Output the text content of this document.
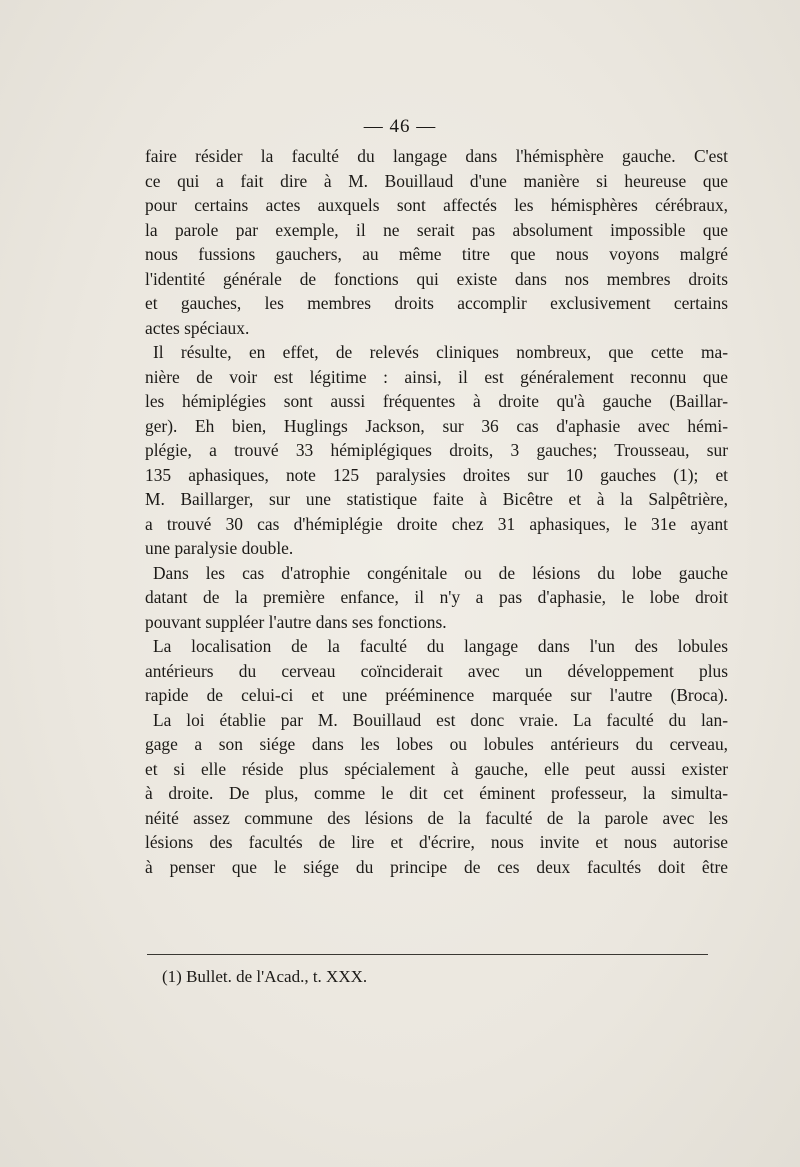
— 46 —
faire résider la faculté du langage dans l'hémisphère gauche. C'est
ce qui a fait dire à M. Bouillaud d'une manière si heureuse que
pour certains actes auxquels sont affectés les hémisphères cérébraux,
la parole par exemple, il ne serait pas absolument impossible que
nous fussions gauchers, au même titre que nous voyons malgré
l'identité générale de fonctions qui existe dans nos membres droits
et gauches, les membres droits accomplir exclusivement certains
actes spéciaux.
Il résulte, en effet, de relevés cliniques nombreux, que cette ma-
nière de voir est légitime : ainsi, il est généralement reconnu que
les hémiplégies sont aussi fréquentes à droite qu'à gauche (Baillar-
ger). Eh bien, Huglings Jackson, sur 36 cas d'aphasie avec hémi-
plégie, a trouvé 33 hémiplégiques droits, 3 gauches; Trousseau, sur
135 aphasiques, note 125 paralysies droites sur 10 gauches (1); et
M. Baillarger, sur une statistique faite à Bicêtre et à la Salpêtrière,
a trouvé 30 cas d'hémiplégie droite chez 31 aphasiques, le 31e ayant
une paralysie double.
Dans les cas d'atrophie congénitale ou de lésions du lobe gauche
datant de la première enfance, il n'y a pas d'aphasie, le lobe droit
pouvant suppléer l'autre dans ses fonctions.
La localisation de la faculté du langage dans l'un des lobules
antérieurs du cerveau coïnciderait avec un développement plus
rapide de celui-ci et une prééminence marquée sur l'autre (Broca).
La loi établie par M. Bouillaud est donc vraie. La faculté du lan-
gage a son siége dans les lobes ou lobules antérieurs du cerveau,
et si elle réside plus spécialement à gauche, elle peut aussi exister
à droite. De plus, comme le dit cet éminent professeur, la simulta-
néité assez commune des lésions de la faculté de la parole avec les
lésions des facultés de lire et d'écrire, nous invite et nous autorise
à penser que le siége du principe de ces deux facultés doit être
(1) Bullet. de l'Acad., t. XXX.
